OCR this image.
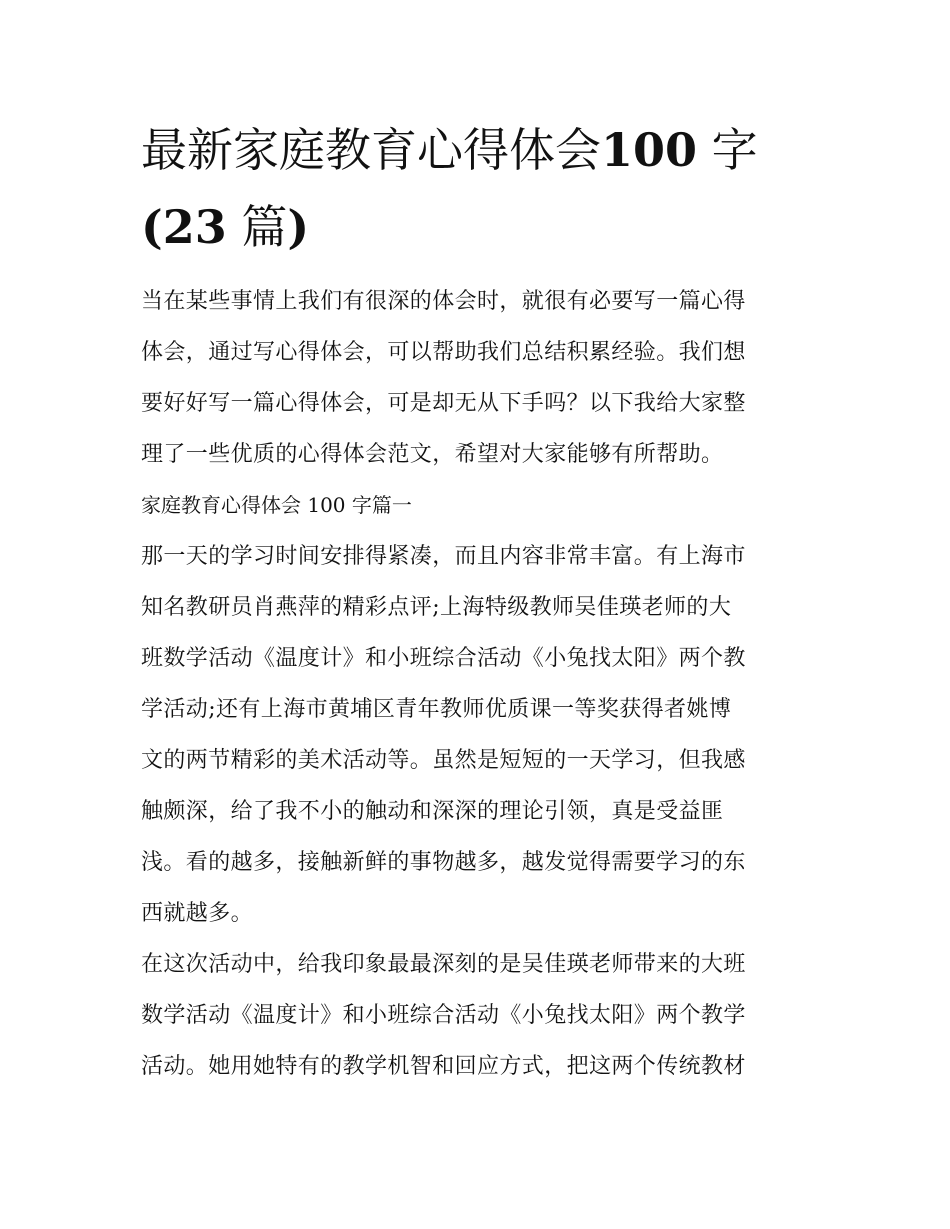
最新家庭教育心得体会100 字
(23 篇)

当在某些事情上我们有很深的体会时，就很有必要写一篇心得

体会，通过写心得体会，可以帮助我们总结积累经验。我们想

要好好写一篇心得体会，可是却无从下手吗？以下我给大家整

理了一些优质的心得体会范文，希望对大家能够有所帮助。

家庭教育心得体会 100 字篇一

那一天的学习时间安排得紧凑，而且内容非常丰富。有上海市

知名教研员肖燕萍的精彩点评;上海特级教师吴佳瑛老师的大

班数学活动《温度计》和小班综合活动《小兔找太阳》两个教

学活动;还有上海市黄埔区青年教师优质课一等奖获得者姚博

文的两节精彩的美术活动等。虽然是短短的一天学习，但我感

触颇深，给了我不小的触动和深深的理论引领，真是受益匪

浅。看的越多，接触新鲜的事物越多，越发觉得需要学习的东

西就越多。

在这次活动中，给我印象最最深刻的是吴佳瑛老师带来的大班

数学活动《温度计》和小班综合活动《小兔找太阳》两个教学

活动。她用她特有的教学机智和回应方式，把这两个传统教材
